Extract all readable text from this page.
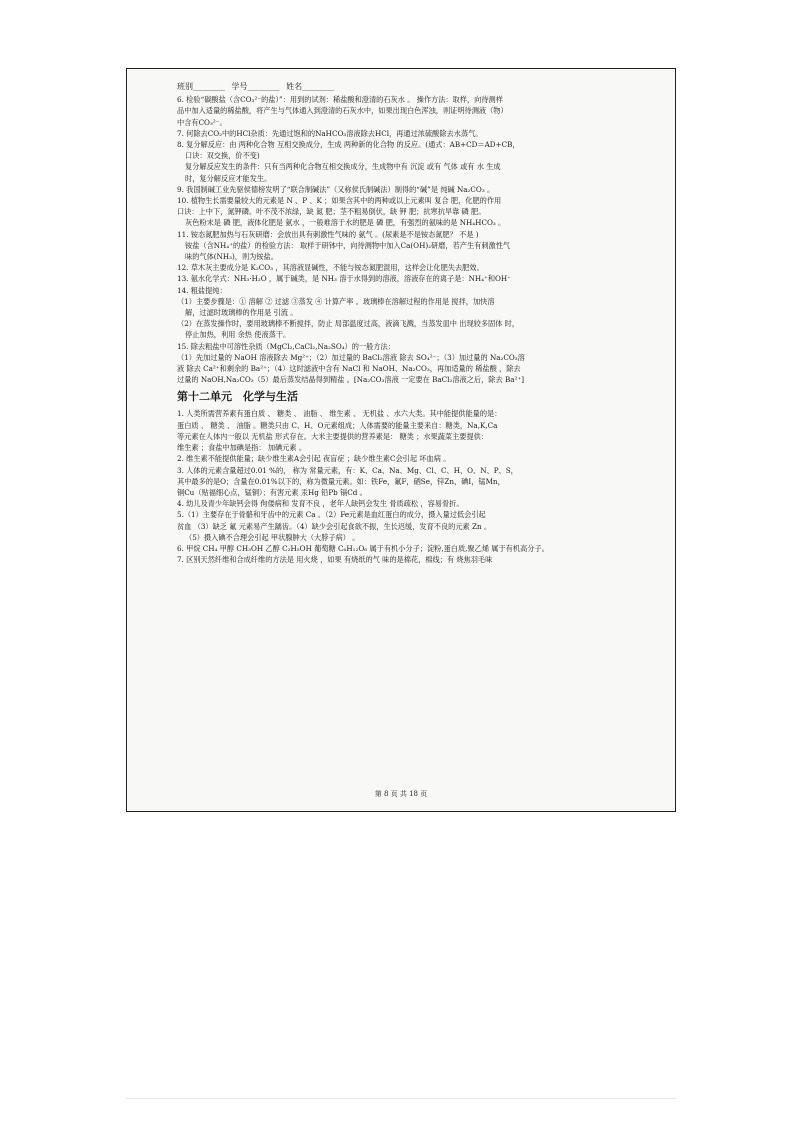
班别________ 学号________ 姓名________

6. 检验“碳酸盐（含CO₃²⁻的盐）”：用到的试剂：稀盐酸和澄清的石灰水 。 操作方法：取样，向待测样

品中加入适量的稀盐酸，将产生与气体通入到澄清的石灰水中，如果出现白色浑浊，则证明待测液（物）

中含有CO₃²⁻。

7. 何除去CO₂中的HCl杂质：先通过饱和的NaHCO₃溶液除去HCl，再通过浓硫酸除去水蒸气。

8. 复分解反应：由 两种化合物 互相交换成分，生成 两种新的化合物 的反应。(通式：AB+CD＝AD+CB，

口诀：双交换，价不变)

复分解反应发生的条件：只有当两种化合物互相交换成分，生成物中有 沉淀 或有 气体 或有 水 生成

时，复分解反应才能发生。

9. 我国制碱工业先驱侯德榜发明了“联合制碱法”（又称侯氏制碱法）制得的“碱”是 纯碱 Na₂CO₃ 。

10. 植物生长需要量较大的元素是 N 、P 、K ；如果含其中的两种或以上元素叫 复合 肥，化肥的作用

口诀：上中下，氮钾磷。叶不茂不浓绿，缺 氮 肥；茎不粗易倒伏，缺 钾 肥；抗寒抗旱靠 磷 肥。

灰色粉末是 磷 肥，液体化肥是 氨水 ，一般难溶于水的肥是 磷 肥，有强烈的氨味的是 NH₄HCO₃ 。

11. 铵态氮肥加热与石灰研磨：会放出具有刺激性气味的 氨气 。(尿素是不是铵态氮肥？ 不是 )

铵盐（含NH₄⁺的盐）的检验方法： 取样于研钵中，向待测物中加入Ca(OH)₂研磨，若产生有刺激性气

味的气体(NH₃)，则为铵盐。

12. 草木灰主要成分是 K₂CO₃ ，其溶液显碱性，不能与铵态氮肥混用，这样会让化肥失去肥效。

13. 氨水化学式：NH₃·H₂O ，属于碱类，是 NH₃ 溶于水得到的溶液，溶液存在的离子是：NH₄⁺和OH⁻

14. 粗盐提纯：

（1）主要步骤是：① 溶解 ② 过滤 ③蒸发 ④ 计算产率 。玻璃棒在溶解过程的作用是 搅拌，加快溶

解，过滤时玻璃棒的作用是 引流 。

（2）在蒸发操作时，要用玻璃棒不断搅拌，防止 局部温度过高，液滴飞溅，当蒸发皿中 出现较多固体 时，

停止加热，利用 余热 使液蒸干。

15. 除去粗盐中可溶性杂质（MgCl₂,CaCl₂,Na₂SO₄）的一般方法：

（1）先加过量的 NaOH 溶液除去 Mg²⁺；（2）加过量的 BaCl₂溶液 除去 SO₄²⁻；（3）加过量的 Na₂CO₃溶

液 除去 Ca²⁺和剩余的 Ba²⁺；（4）这时滤液中含有 NaCl 和 NaOH、Na₂CO₃，再加适量的 稀盐酸 ，除去

过量的 NaOH,Na₂CO₃（5）最后蒸发结晶得到精盐 。[Na₂CO₃溶液 一定要在 BaCl₂溶液之后，除去 Ba²⁺]

第十二单元　化学与生活

1. 人类所需营养素有蛋白质 、 糖类 、 油脂 、 维生素 、 无机盐 、水六大类。其中能提供能量的是：

蛋白质 、 糖类 、 油脂 。糖类只由 C、H、O元素组成；人体需要的能量主要来自：糖类，Na,K,Ca

等元素在人体内一般以 无机盐 形式存在。大米主要提供的营养素是： 糖类 ；水果蔬菜主要提供：

维生素 ；食盐中加碘是指： 加碘元素 。

2. 维生素不能提供能量；缺少维生素A会引起 夜盲症 ；缺少维生素C会引起 坏血病 。

3. 人体的元素含量超过0.01 %的， 称为 常量元素，有：K、Ca、Na、Mg、Cl、C、H、O、N、P、S，

其中最多的是O；含量在0.01%以下的，称为微量元素。如：铁Fe，氟F，硒Se，锌Zn，碘I，锰Mn，

铜Cu（贴福细心点，锰铜）；有害元素 汞Hg 铅Pb 镉Cd 。

4. 幼儿及青少年缺钙会得 佝偻病和 发育不良 ，老年人缺钙会发生 骨质疏松 ，容易骨折。

5.（1）主要存在于骨骼和牙齿中的元素 Ca 。（2）Fe元素是血红蛋白的成分，摄入量过低会引起

贫血 （3）缺乏 氟 元素易产生龋齿。（4）缺少会引起食欲不振，生长迟缓，发育不良的元素 Zn 。

（5）摄入碘不合理会引起 甲状腺肿大（大脖子病） 。

6. 甲烷 CH₄ 甲醇 CH₃OH 乙醇 C₂H₅OH 葡萄糖 C₆H₁₂O₆ 属于有机小分子；淀粉,蛋白质,聚乙烯 属于有机高分子。

7. 区别天然纤维和合成纤维的方法是 用火烧 ，如果 有烧纸的气 味的是棉花，棉线；有 烧焦羽毛味

第 8 页 共 18 页
